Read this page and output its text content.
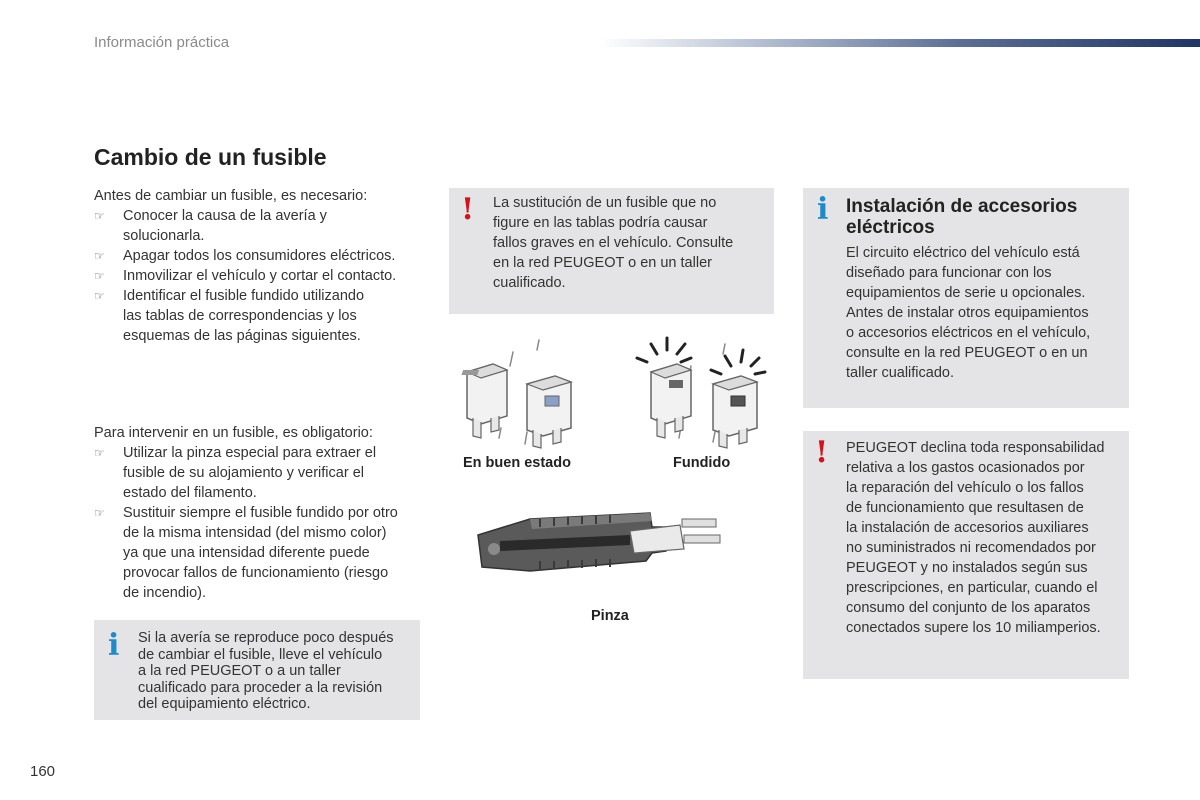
Información práctica
Cambio de un fusible
Antes de cambiar un fusible, es necesario:
☞ Conocer la causa de la avería y
solucionarla.
☞ Apagar todos los consumidores eléctricos.
☞ Inmovilizar el vehículo y cortar el contacto.
☞ Identificar el fusible fundido utilizando
las tablas de correspondencias y los
esquemas de las páginas siguientes.
Para intervenir en un fusible, es obligatorio:
☞ Utilizar la pinza especial para extraer el
fusible de su alojamiento y verificar el
estado del filamento.
☞ Sustituir siempre el fusible fundido por otro
de la misma intensidad (del mismo color)
ya que una intensidad diferente puede
provocar fallos de funcionamiento (riesgo
de incendio).
i Si la avería se reproduce poco después
de cambiar el fusible, lleve el vehículo
a la red PEUGEOT o a un taller
cualificado para proceder a la revisión
del equipamiento eléctrico.
! La sustitución de un fusible que no
figure en las tablas podría causar
fallos graves en el vehículo. Consulte
en la red PEUGEOT o en un taller
cualificado.
En buen estado	Fundido
Pinza
i Instalación de accesorios
eléctricos
El circuito eléctrico del vehículo está
diseñado para funcionar con los
equipamientos de serie u opcionales.
Antes de instalar otros equipamientos
o accesorios eléctricos en el vehículo,
consulte en la red PEUGEOT o en un
taller cualificado.
! PEUGEOT declina toda responsabilidad
relativa a los gastos ocasionados por
la reparación del vehículo o los fallos
de funcionamiento que resultasen de
la instalación de accesorios auxiliares
no suministrados ni recomendados por
PEUGEOT y no instalados según sus
prescripciones, en particular, cuando el
consumo del conjunto de los aparatos
conectados supere los 10 miliamperios.
160
